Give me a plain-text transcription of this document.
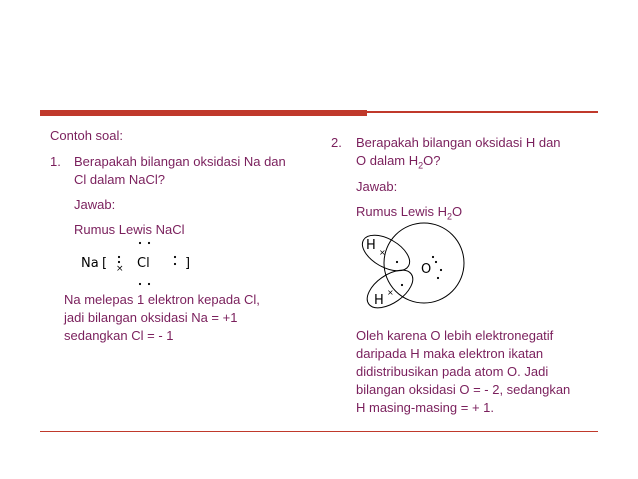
Contoh soal:
1. Berapakah bilangan oksidasi Na dan
Cl dalam NaCl?
Jawab:
Rumus Lewis NaCl
Na [ Cl	]
×
Na melepas 1 elektron kepada Cl,
jadi bilangan oksidasi Na = +1
sedangkan Cl = - 1
2. Berapakah bilangan oksidasi H dan
O dalam $H_2O$?
Jawab:
Rumus Lewis $H_2O$
×
×
H
O
H
Oleh karena O lebih elektronegatif
daripada H maka elektron ikatan
didistribusikan pada atom O. Jadi
bilangan oksidasi O = - 2, sedangkan
H masing-masing = + 1.
